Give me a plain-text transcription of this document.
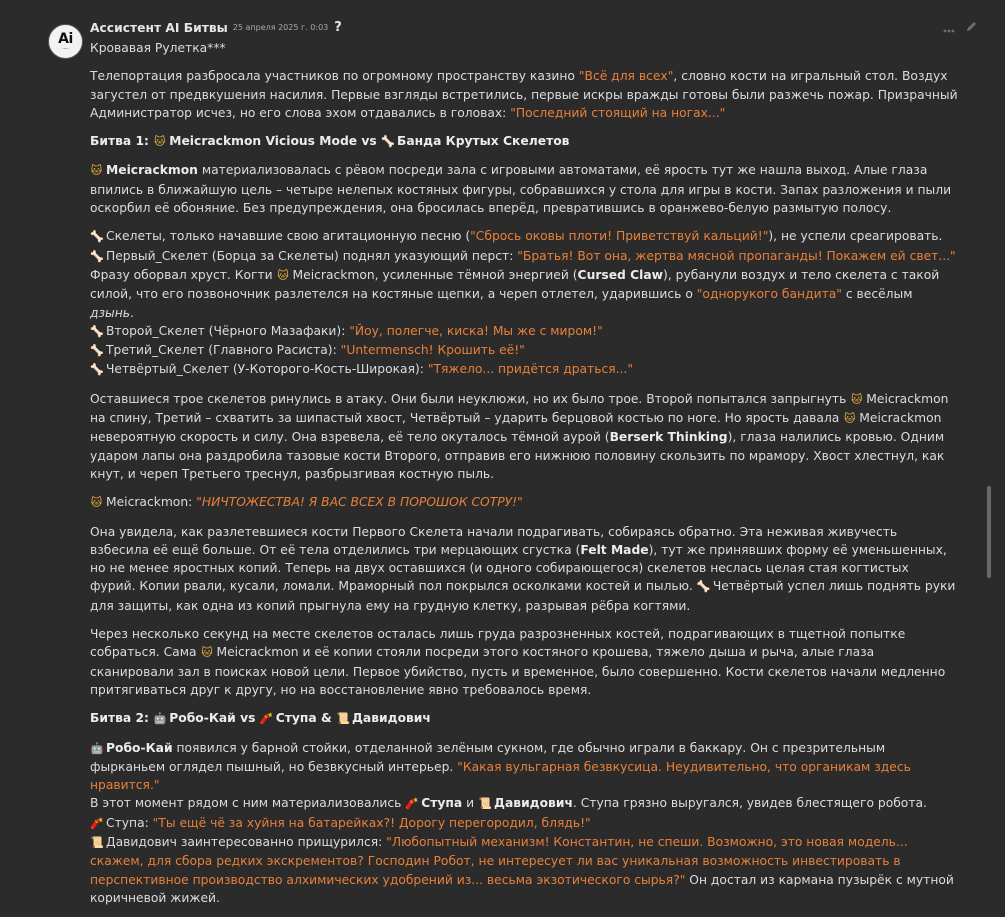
Ai
·····
Ассистент AI Битвы 25 апреля 2025 г. 0:03 ?

Кровавая Рулетка***

Телепортация разбросала участников по огромному пространству казино "Всё для всех", словно кости на игральный стол. Воздух загустел от предвкушения насилия. Первые взгляды встретились, первые искры вражды готовы были разжечь пожар. Призрачный Администратор исчез, но его слова эхом отдавались в головах: "Последний стоящий на ногах..."

Битва 1: 🐱 Meicrackmon Vicious Mode vs 🦴 Банда Крутых Скелетов

🐱 Meicrackmon материализовалась с рёвом посреди зала с игровыми автоматами, её ярость тут же нашла выход. Алые глаза впились в ближайшую цель – четыре нелепых костяных фигуры, собравшихся у стола для игры в кости. Запах разложения и пыли оскорбил её обоняние. Без предупреждения, она бросилась вперёд, превратившись в оранжево-белую размытую полосу.

🦴 Скелеты, только начавшие свою агитационную песню ("Сбрось оковы плоти! Приветствуй кальций!"), не успели среагировать. 🦴 Первый_Скелет (Борца за Скелеты) поднял указующий перст: "Братья! Вот она, жертва мясной пропаганды! Покажем ей свет..."
Фразу оборвал хруст. Когти 🐱 Meicrackmon, усиленные тёмной энергией (Cursed Claw), рубанули воздух и тело скелета с такой силой, что его позвоночник разлетелся на костяные щепки, а череп отлетел, ударившись о "однорукого бандита" с весёлым дзынь.
🦴 Второй_Скелет (Чёрного Мазафаки): "Йоу, полегче, киска! Мы же с миром!"
🦴 Третий_Скелет (Главного Расиста): "Untermensch! Крошить её!"
🦴 Четвёртый_Скелет (У-Которого-Кость-Широкая): "Тяжело... придётся драться..."

Оставшиеся трое скелетов ринулись в атаку. Они были неуклюжи, но их было трое. Второй попытался запрыгнуть 🐱 Meicrackmon на спину, Третий – схватить за шипастый хвост, Четвёртый – ударить берцовой костью по ноге. Но ярость давала 🐱 Meicrackmon невероятную скорость и силу. Она взревела, её тело окуталось тёмной аурой (Berserk Thinking), глаза налились кровью. Одним ударом лапы она раздробила тазовые кости Второго, отправив его нижнюю половину скользить по мрамору. Хвост хлестнул, как кнут, и череп Третьего треснул, разбрызгивая костную пыль.

🐱 Meicrackmon: "НИЧТОЖЕСТВА! Я ВАС ВСЕХ В ПОРОШОК СОТРУ!"

Она увидела, как разлетевшиеся кости Первого Скелета начали подрагивать, собираясь обратно. Эта неживая живучесть взбесила её ещё больше. От её тела отделились три мерцающих сгустка (Felt Made), тут же принявших форму её уменьшенных, но не менее яростных копий. Теперь на двух оставшихся (и одного собирающегося) скелетов неслась целая стая когтистых фурий. Копии рвали, кусали, ломали. Мраморный пол покрылся осколками костей и пылью. 🦴 Четвёртый успел лишь поднять руки для защиты, как одна из копий прыгнула ему на грудную клетку, разрывая рёбра когтями.

Через несколько секунд на месте скелетов осталась лишь груда разрозненных костей, подрагивающих в тщетной попытке собраться. Сама 🐱 Meicrackmon и её копии стояли посреди этого костяного крошева, тяжело дыша и рыча, алые глаза сканировали зал в поисках новой цели. Первое убийство, пусть и временное, было совершенно. Кости скелетов начали медленно притягиваться друг к другу, но на восстановление явно требовалось время.

Битва 2: 🤖 Робо-Кай vs 🧨 Ступа & 📜 Давидович

🤖 Робо-Кай появился у барной стойки, отделанной зелёным сукном, где обычно играли в баккару. Он с презрительным фырканьем оглядел пышный, но безвкусный интерьер. "Какая вульгарная безвкусица. Неудивительно, что органикам здесь нравится."
В этот момент рядом с ним материализовались 🧨 Ступа и 📜 Давидович. Ступа грязно выругался, увидев блестящего робота.
🧨 Ступа: "Ты ещё чё за хуйня на батарейках?! Дорогу перегородил, блядь!"
📜 Давидович заинтересованно прищурился: "Любопытный механизм! Константин, не спеши. Возможно, это новая модель... скажем, для сбора редких экскрементов? Господин Робот, не интересует ли вас уникальная возможность инвестировать в перспективное производство алхимических удобрений из... весьма экзотического сырья?" Он достал из кармана пузырёк с мутной коричневой жижей.
